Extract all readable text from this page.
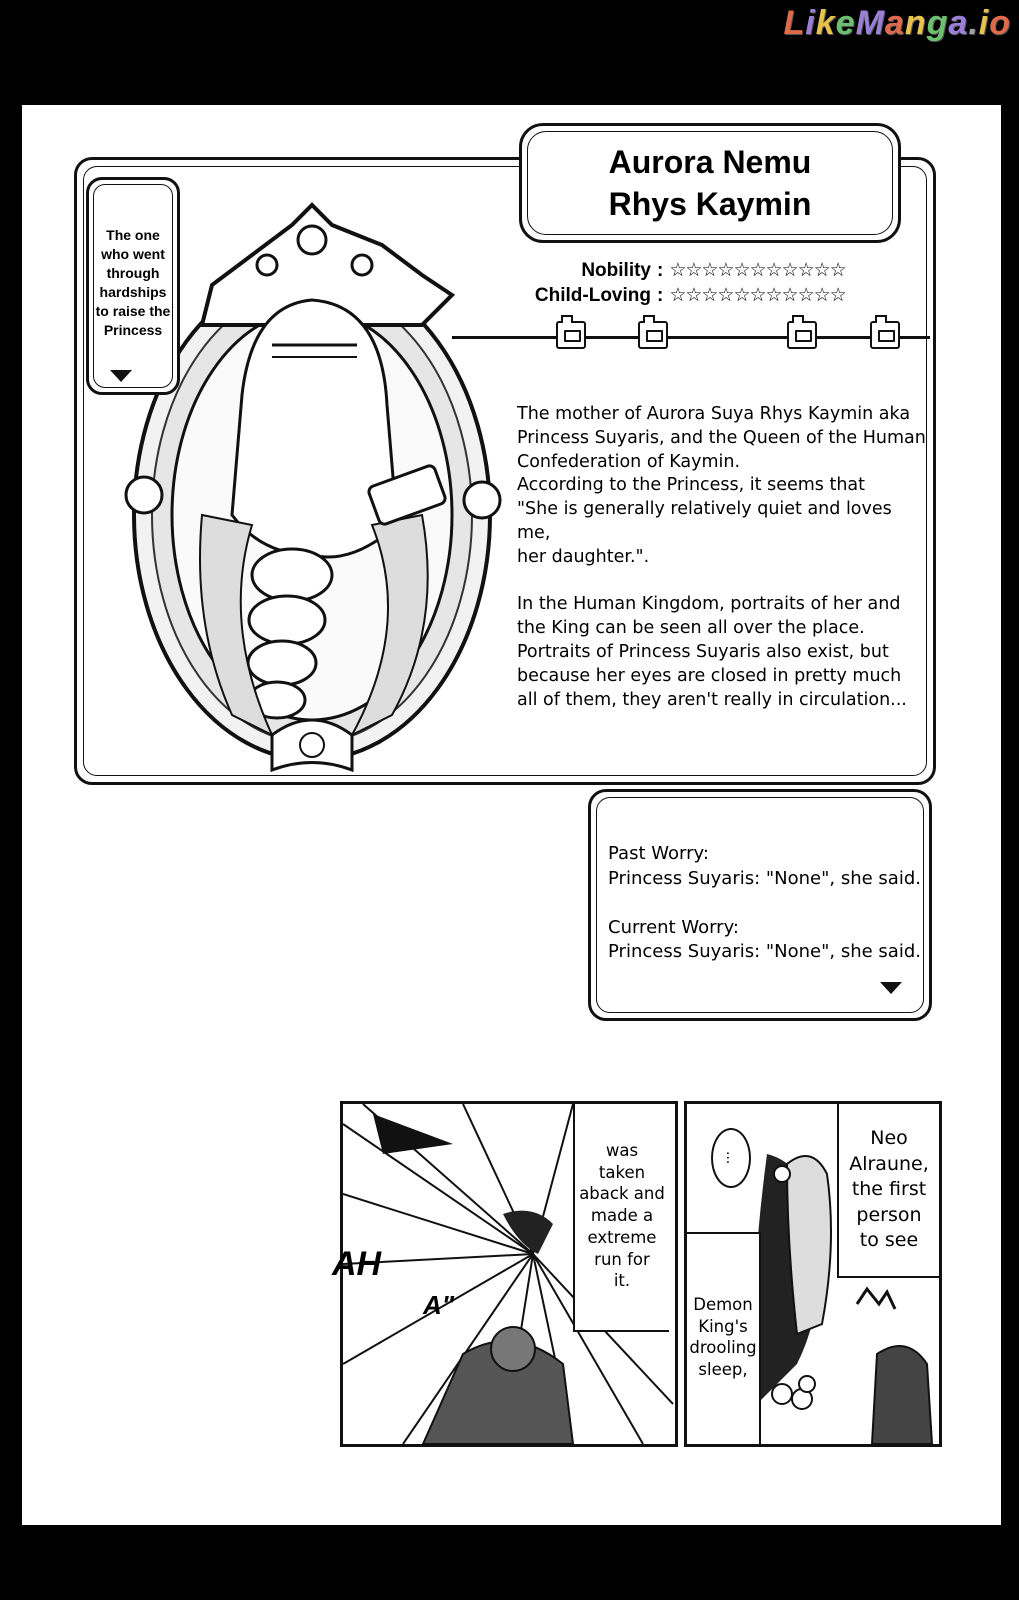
LikeManga.io
The one
who went
through
hardships
to raise the
Princess
Aurora Nemu
Rhys Kaymin
Nobility : ☆☆☆☆☆☆☆☆☆☆☆
Child-Loving : ☆☆☆☆☆☆☆☆☆☆☆

The mother of Aurora Suya Rhys Kaymin aka
Princess Suyaris, and the Queen of the Human
Confederation of Kaymin.
According to the Princess, it seems that
"She is generally relatively quiet and loves me,
her daughter.".

In the Human Kingdom, portraits of her and
the King can be seen all over the place.
Portraits of Princess Suyaris also exist, but
because her eyes are closed in pretty much
all of them, they aren't really in circulation...

Past Worry:

Princess Suyaris: "None", she said.

Current Worry:
Princess Suyaris: "None", she said.
was
taken
aback and
made a
extreme
run for
it.
A"
AH
...
Neo
Alraune,
the first
person
to see
Demon
King's
drooling
sleep,
